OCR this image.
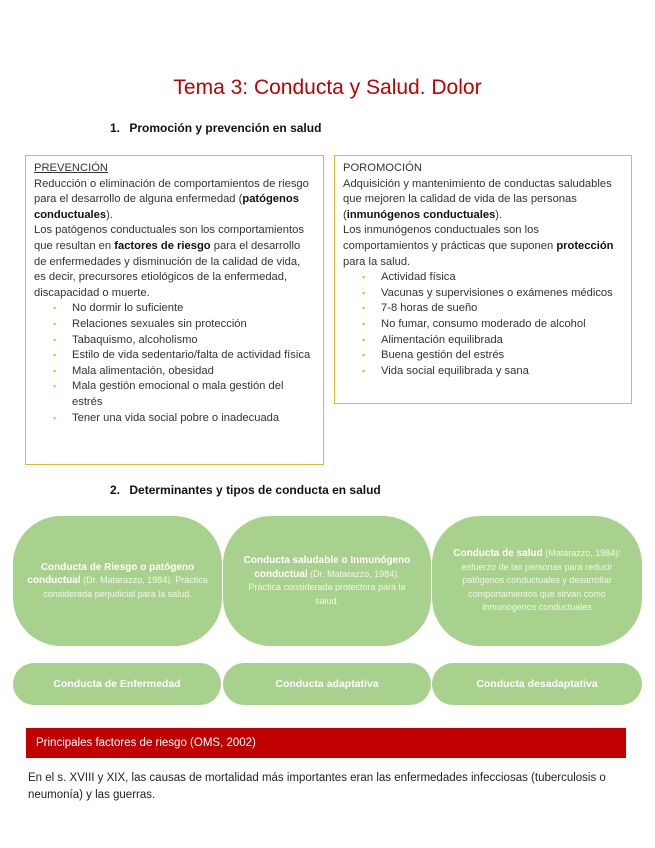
Tema 3: Conducta y Salud. Dolor
1. Promoción y prevención en salud
PREVENCIÓN

Reducción o eliminación de comportamientos de riesgo para el desarrollo de alguna enfermedad (patógenos conductuales).

Los patógenos conductuales son los comportamientos que resultan en factores de riesgo para el desarrollo de enfermedades y disminución de la calidad de vida, es decir, precursores etiológicos de la enfermedad, discapacidad o muerte.

▪ No dormir lo suficiente
▪ Relaciones sexuales sin protección
▪ Tabaquismo, alcoholismo
▪ Estilo de vida sedentario/falta de actividad física
▪ Mala alimentación, obesidad
▪ Mala gestión emocional o mala gestión del estrés
▪ Tener una vida social pobre o inadecuada
POROMOCIÓN

Adquisición y mantenimiento de conductas saludables que mejoren la calidad de vida de las personas (inmunógenos conductuales).

Los inmunógenos conductuales son los comportamientos y prácticas que suponen protección para la salud.

▪ Actividad física
▪ Vacunas y supervisiones o exámenes médicos
▪ 7-8 horas de sueño
▪ No fumar, consumo moderado de alcohol
▪ Alimentación equilibrada
▪ Buena gestión del estrés
▪ Vida social equilibrada y sana
2. Determinantes y tipos de conducta en salud
Conducta de Riesgo o patógeno conductual (Dr. Matarazzo, 1984). Práctica considerada perjudicial para la salud.
Conducta saludable o Inmunógeno conductual (Dr. Matarazzo, 1984). Práctica considerada protectora para la salud.
Conducta de salud (Matarazzo, 1984): esfuerzo de las personas para reducir patógenos conductuales y desarrollar comportamientos que sirvan como inmunógenos conductuales
Conducta de Enfermedad	Conducta adaptativa	Conducta desadaptativa
Principales factores de riesgo (OMS, 2002)
En el s. XVIII y XIX, las causas de mortalidad más importantes eran las enfermedades infecciosas (tuberculosis o neumonía) y las guerras.
